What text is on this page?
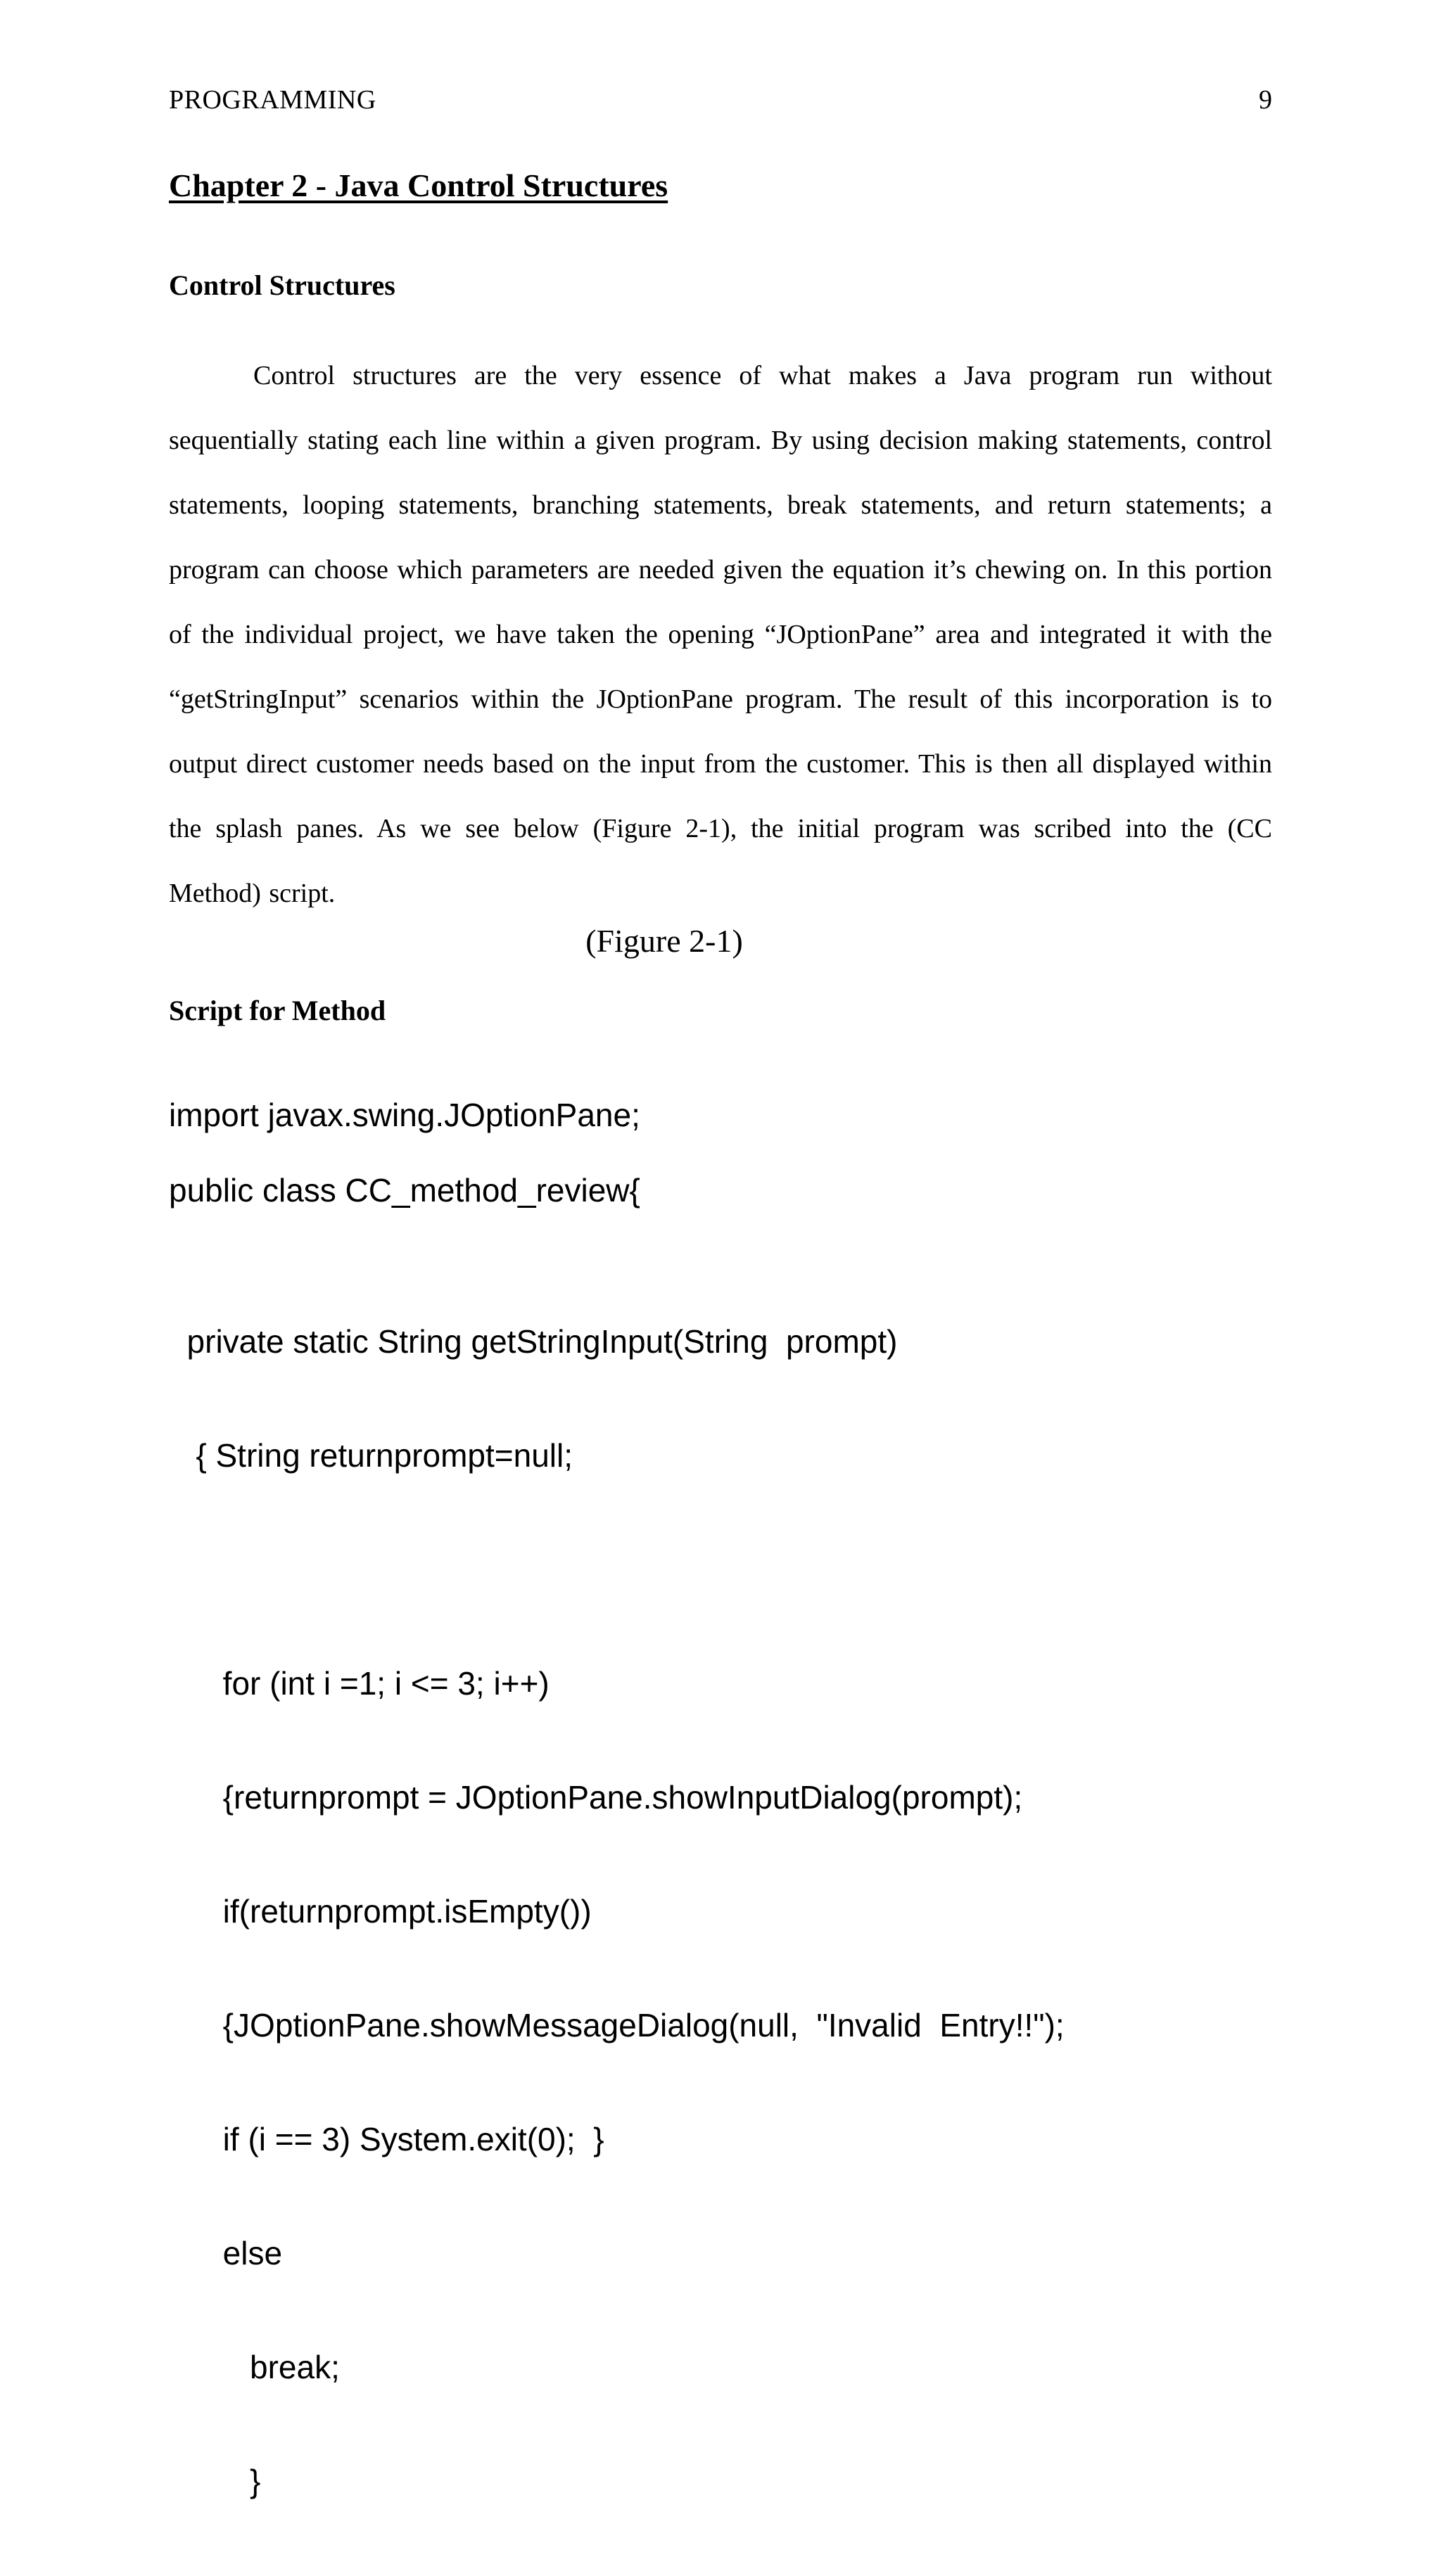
PROGRAMMING	9
Chapter 2 - Java Control Structures
Control Structures

Control structures are the very essence of what makes a Java program run without sequentially stating each line within a given program. By using decision making statements, control statements, looping statements, branching statements, break statements, and return statements; a program can choose which parameters are needed given the equation it’s chewing on. In this portion of the individual project, we have taken the opening “JOptionPane” area and integrated it with the “getStringInput” scenarios within the JOptionPane program. The result of this incorporation is to output direct customer needs based on the input from the customer. This is then all displayed within the splash panes. As we see below (Figure 2-1), the initial program was scribed into the (CC Method) script.

(Figure 2-1)
Script for Method
import javax.swing.JOptionPane;
public class CC_method_review{

private static String getStringInput(String  prompt)

{ String returnprompt=null;

for (int i =1; i <= 3; i++)

{returnprompt = JOptionPane.showInputDialog(prompt);

if(returnprompt.isEmpty())

{JOptionPane.showMessageDialog(null,  "Invalid  Entry!!");

if (i == 3) System.exit(0);  }

else

break;

}
